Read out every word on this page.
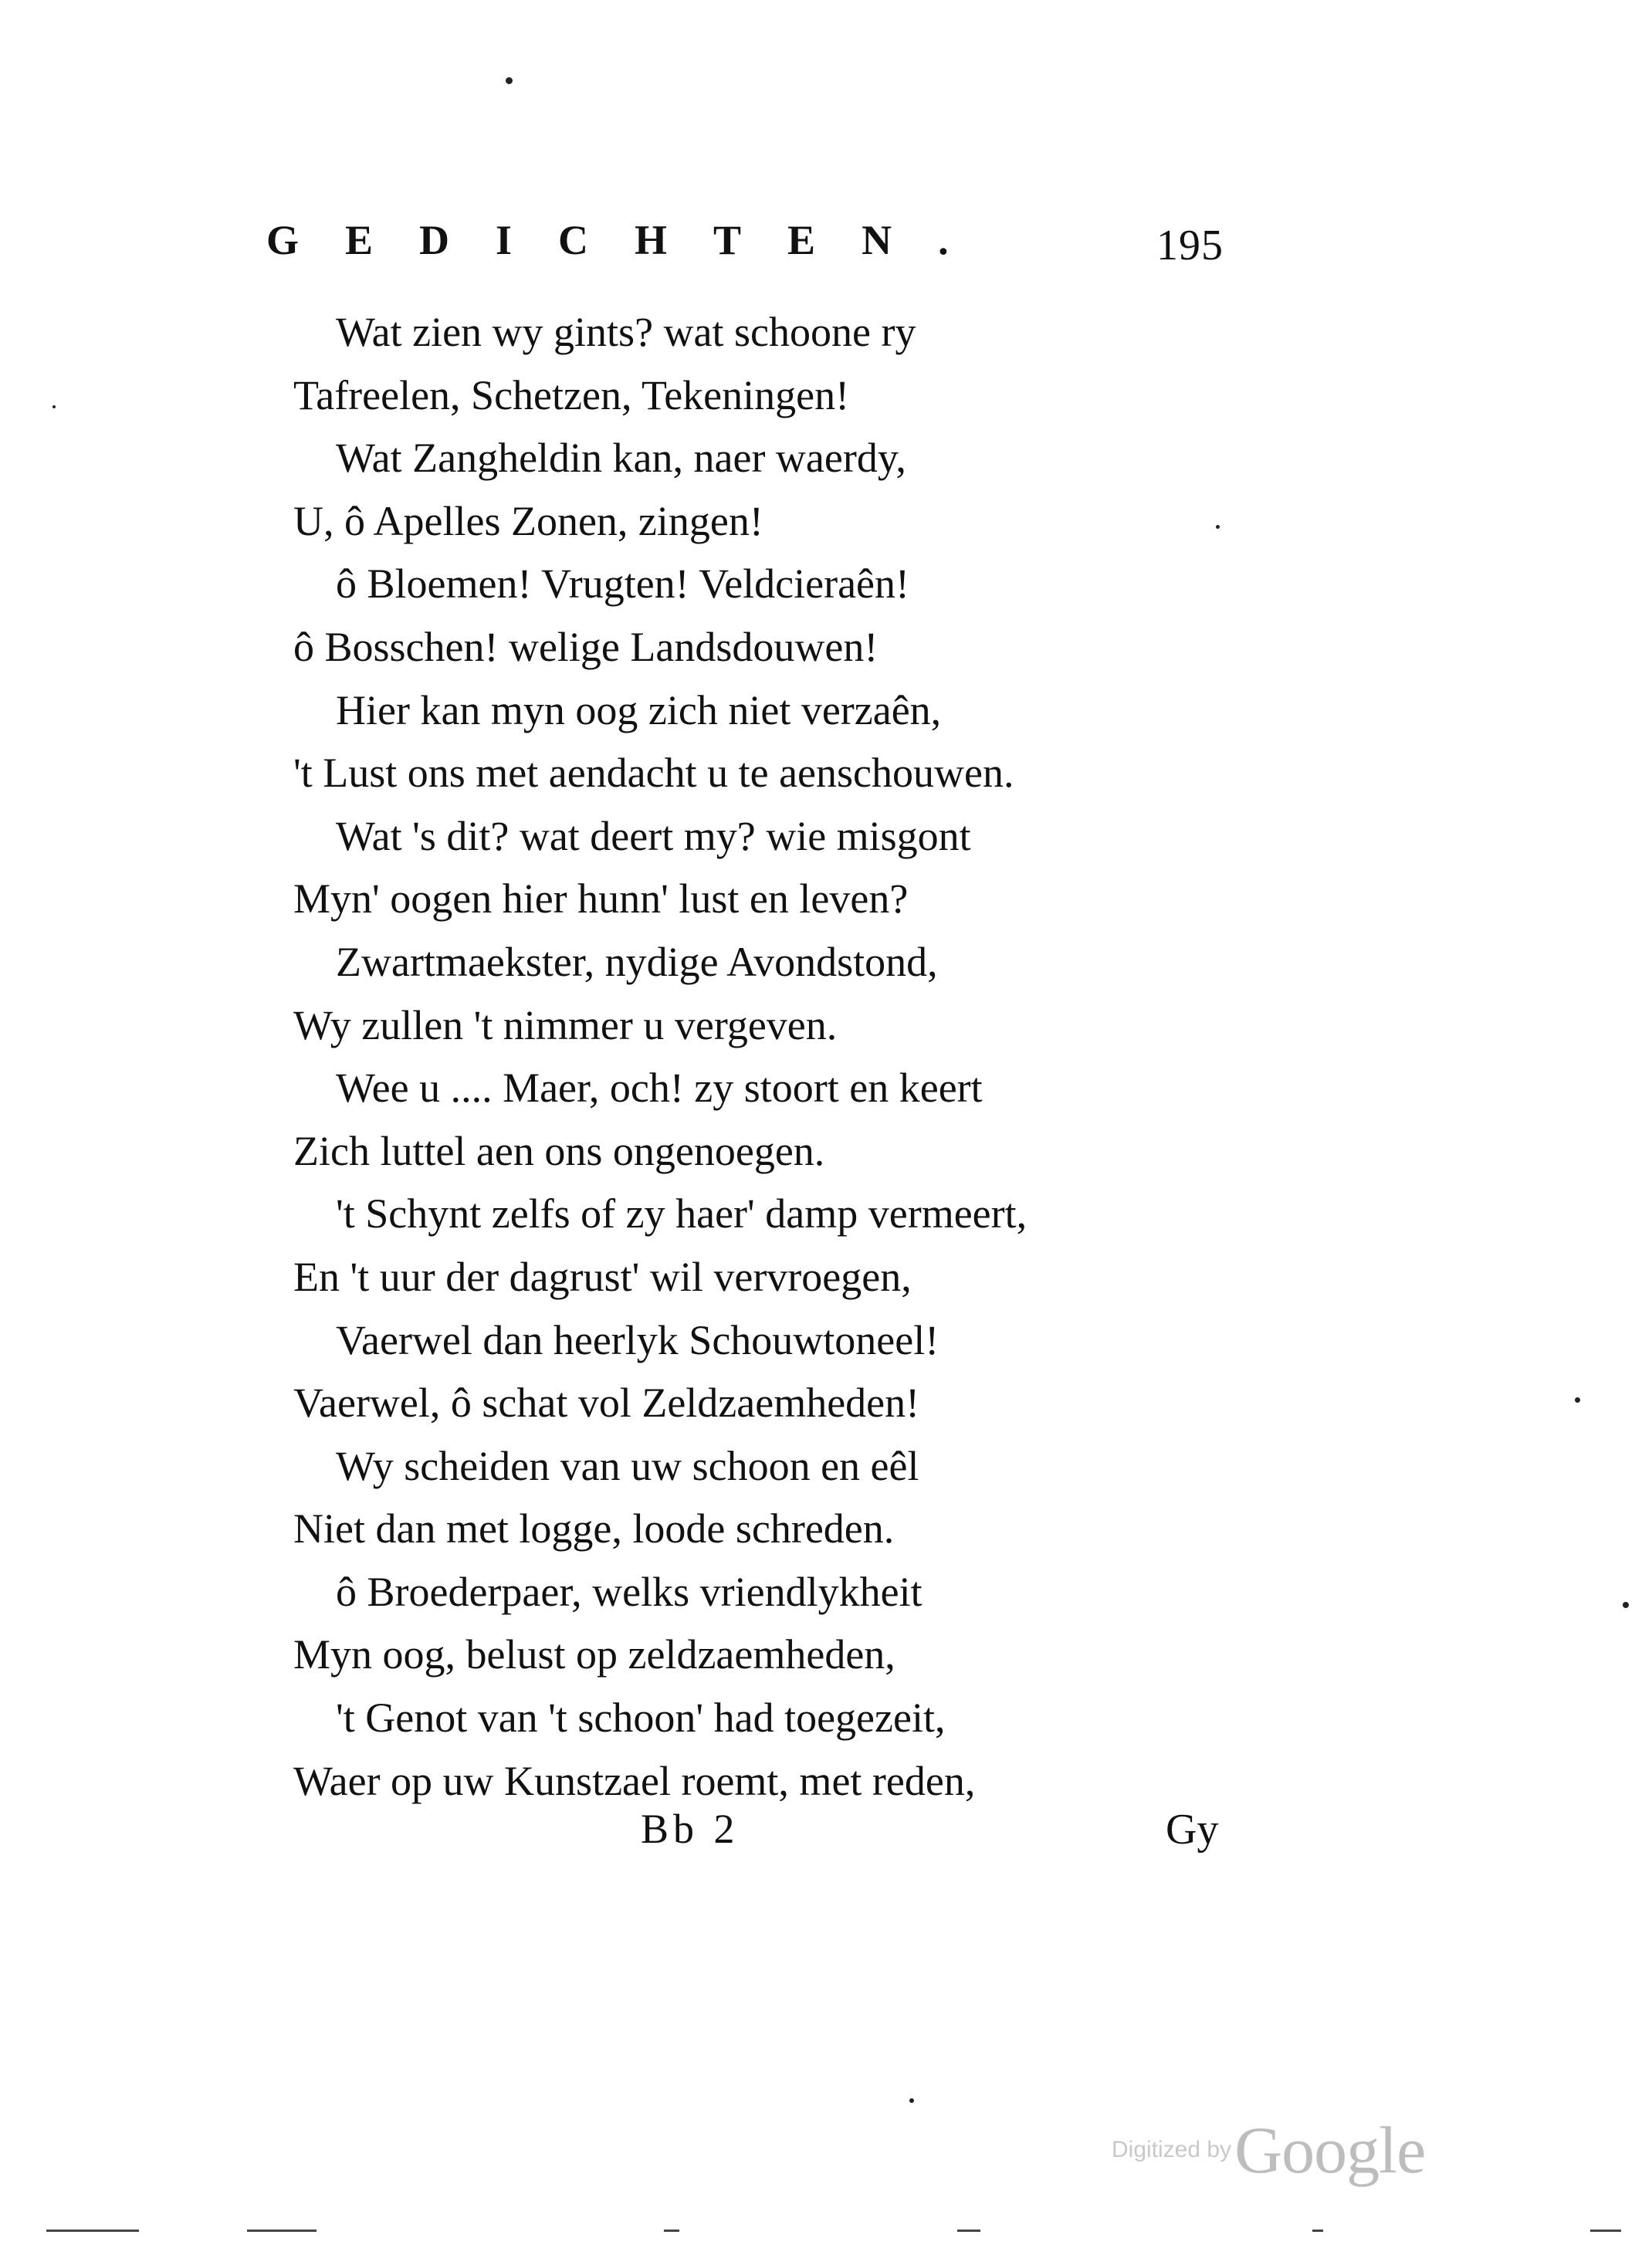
GEDICHTEN.	195
Wat zien wy gints? wat schoone ry
Tafreelen, Schetzen, Tekeningen!
Wat Zangheldin kan, naer waerdy,
U, ô Apelles Zonen, zingen!
ô Bloemen! Vrugten! Veldcieraên!
ô Bosschen! welige Landsdouwen!
Hier kan myn oog zich niet verzaên,
't Lust ons met aendacht u te aenschouwen.
Wat 's dit? wat deert my? wie misgont
Myn' oogen hier hunn' lust en leven?
Zwartmaekster, nydige Avondstond,
Wy zullen 't nimmer u vergeven.
Wee u .... Maer, och! zy stoort en keert
Zich luttel aen ons ongenoegen.
't Schynt zelfs of zy haer' damp vermeert,
En 't uur der dagrust' wil vervroegen,
Vaerwel dan heerlyk Schouwtoneel!
Vaerwel, ô schat vol Zeldzaemheden!
Wy scheiden van uw schoon en eêl
Niet dan met logge, loode schreden.
ô Broederpaer, welks vriendlykheit
Myn oog, belust op zeldzaemheden,
't Genot van 't schoon' had toegezeit,
Waer op uw Kunstzael roemt, met reden,
Bb 2	Gy
Digitized by Google
